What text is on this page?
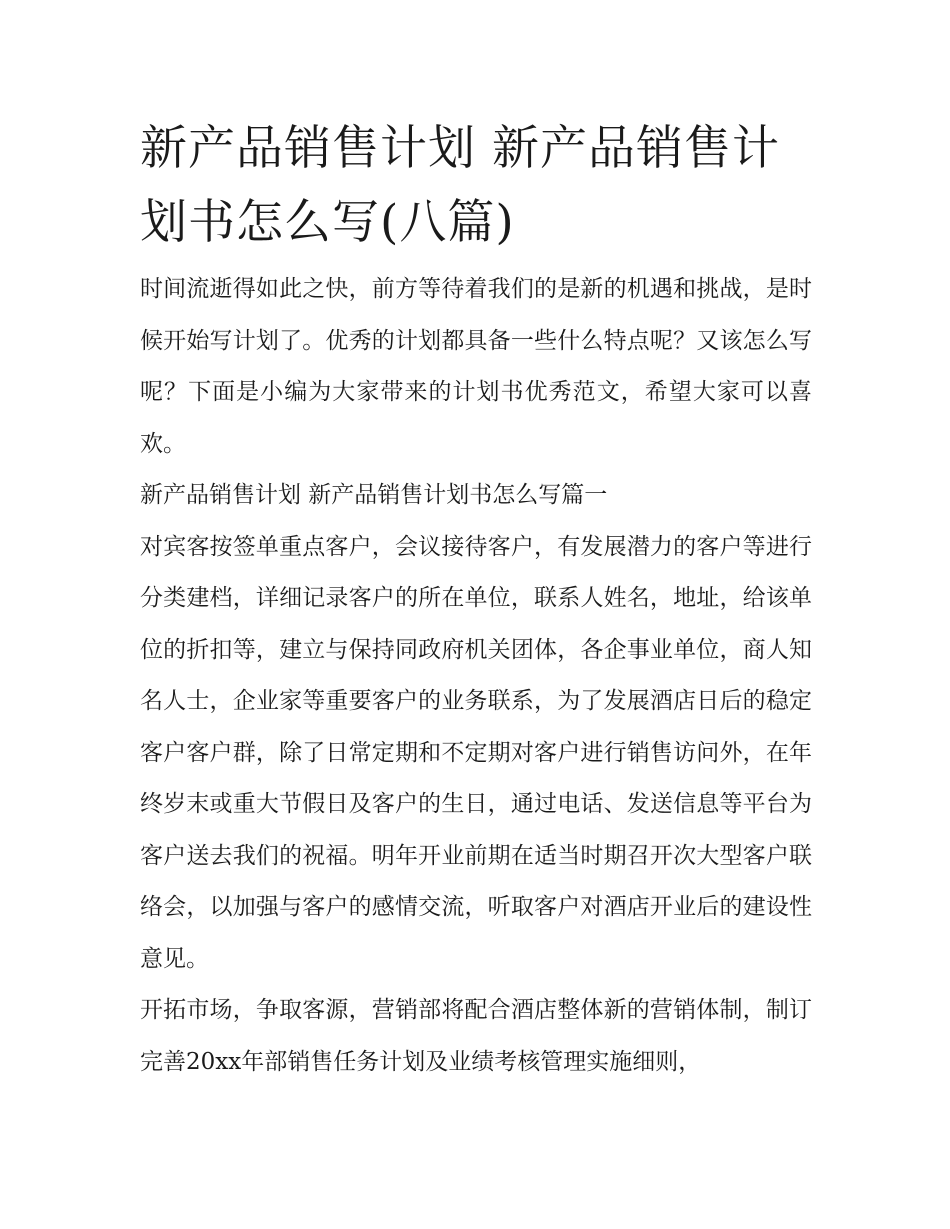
新产品销售计划 新产品销售计划书怎么写(八篇)

时间流逝得如此之快，前方等待着我们的是新的机遇和挑战，是时候开始写计划了。优秀的计划都具备一些什么特点呢？又该怎么写呢？下面是小编为大家带来的计划书优秀范文，希望大家可以喜欢。

新产品销售计划 新产品销售计划书怎么写篇一

对宾客按签单重点客户，会议接待客户，有发展潜力的客户等进行分类建档，详细记录客户的所在单位，联系人姓名，地址，给该单位的折扣等，建立与保持同政府机关团体，各企事业单位，商人知名人士，企业家等重要客户的业务联系，为了发展酒店日后的稳定客户客户群，除了日常定期和不定期对客户进行销售访问外，在年终岁末或重大节假日及客户的生日，通过电话、发送信息等平台为客户送去我们的祝福。明年开业前期在适当时期召开次大型客户联络会，以加强与客户的感情交流，听取客户对酒店开业后的建设性意见。

开拓市场，争取客源，营销部将配合酒店整体新的营销体制，制订完善20xx年部销售任务计划及业绩考核管理实施细则，
